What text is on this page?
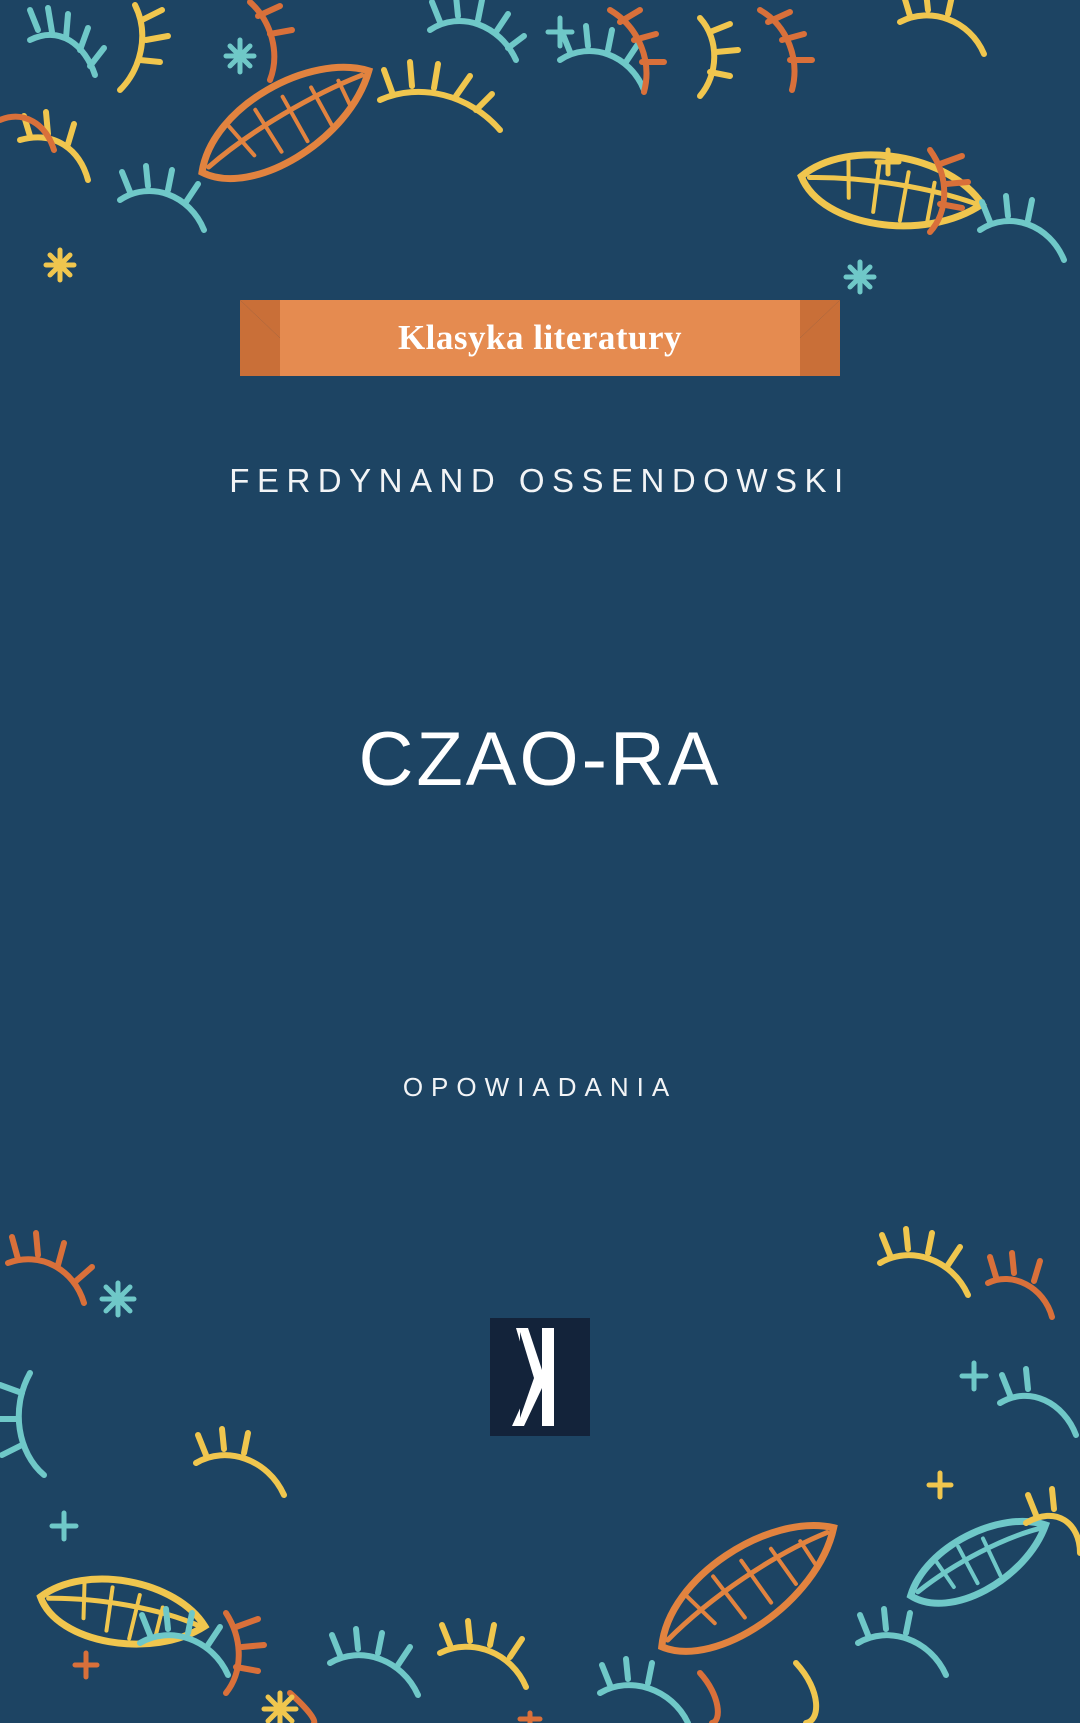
Klasyka literatury
FERDYNAND OSSENDOWSKI
CZAO-RA
OPOWIADANIA
